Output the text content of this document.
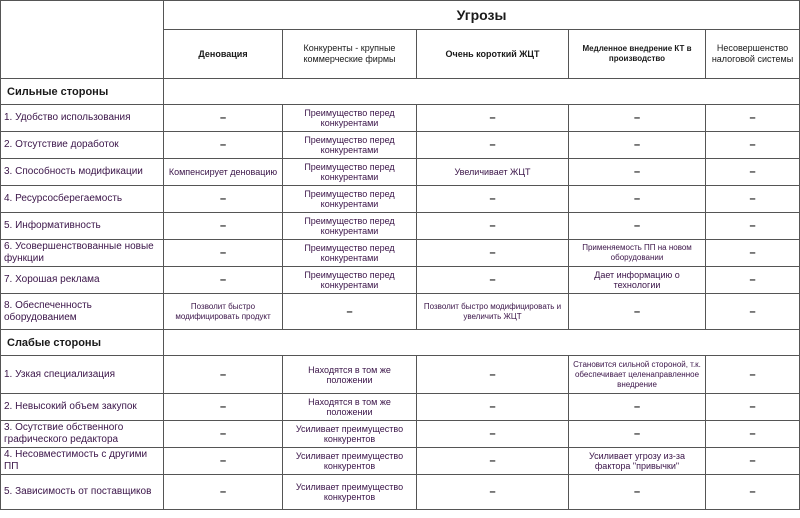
	Угрозы				
	Деновация	Конкуренты - крупные коммерческие фирмы	Очень короткий ЖЦТ	Медленное внедрение КТ в производство	Несовершенство налоговой системы
Сильные стороны					
1. Удобство использования	–	Преимущество перед конкурентами	–	–	–
2. Отсутствие доработок	–	Преимущество перед конкурентами	–	–	–
3. Способность модификации	Компенсирует деновацию	Преимущество перед конкурентами	Увеличивает ЖЦТ	–	–
4. Ресурсосберегаемость	–	Преимущество перед конкурентами	–	–	–
5. Информативность	–	Преимущество перед конкурентами	–	–	–
6. Усовершенствованные новые функции	–	Преимущество перед конкурентами	–	Применяемость ПП на новом оборудовании	–
7. Хорошая реклама	–	Преимущество перед конкурентами	–	Дает информацию о технологии	–
8. Обеспеченность оборудованием	Позволит быстро модифицировать продукт	–	Позволит быстро модифицировать и увеличить ЖЦТ	–	–
Слабые стороны					
1. Узкая специализация	–	Находятся в том же положении	–	Становится сильной стороной, т.к. обеспечивает целенаправленное внедрение	–
2. Невысокий объем закупок	–	Находятся в том же положении	–	–	–
3. Осутствие обственного графического редактора	–	Усиливает преимущество конкурентов	–	–	–
4. Несовместимость с другими ПП	–	Усиливает преимущество конкурентов	–	Усиливает угрозу из-за фактора "привычки"	–
5. Зависимость от поставщиков	–	Усиливает преимущество конкурентов	–	–	–
